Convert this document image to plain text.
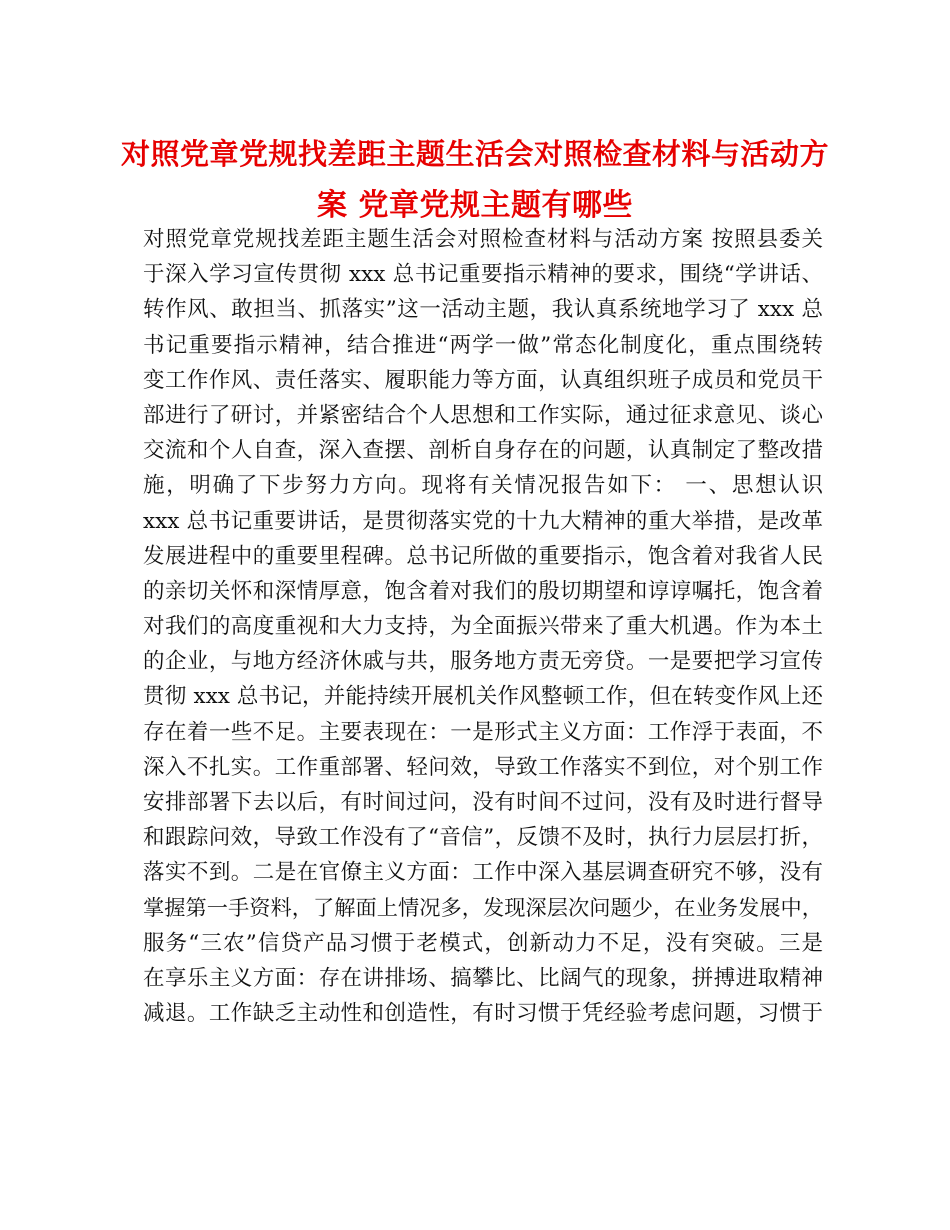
对照党章党规找差距主题生活会对照检查材料与活动方
案 党章党规主题有哪些
对照党章党规找差距主题生活会对照检查材料与活动方案 按照县委关
于深入学习宣传贯彻 xxx 总书记重要指示精神的要求，围绕“学讲话、
转作风、敢担当、抓落实”这一活动主题，我认真系统地学习了 xxx 总
书记重要指示精神，结合推进“两学一做”常态化制度化，重点围绕转
变工作作风、责任落实、履职能力等方面，认真组织班子成员和党员干
部进行了研讨，并紧密结合个人思想和工作实际，通过征求意见、谈心
交流和个人自查，深入查摆、剖析自身存在的问题，认真制定了整改措
施，明确了下步努力方向。现将有关情况报告如下： 一、思想认识
xxx 总书记重要讲话，是贯彻落实党的十九大精神的重大举措，是改革
发展进程中的重要里程碑。总书记所做的重要指示，饱含着对我省人民
的亲切关怀和深情厚意，饱含着对我们的殷切期望和谆谆嘱托，饱含着
对我们的高度重视和大力支持，为全面振兴带来了重大机遇。作为本土
的企业，与地方经济休戚与共，服务地方责无旁贷。一是要把学习宣传
贯彻 xxx 总书记，并能持续开展机关作风整顿工作，但在转变作风上还
存在着一些不足。主要表现在：一是形式主义方面：工作浮于表面，不
深入不扎实。工作重部署、轻问效，导致工作落实不到位，对个别工作
安排部署下去以后，有时间过问，没有时间不过问，没有及时进行督导
和跟踪问效，导致工作没有了“音信”，反馈不及时，执行力层层打折，
落实不到。二是在官僚主义方面：工作中深入基层调查研究不够，没有
掌握第一手资料，了解面上情况多，发现深层次问题少，在业务发展中，
服务“三农”信贷产品习惯于老模式，创新动力不足，没有突破。三是
在享乐主义方面：存在讲排场、搞攀比、比阔气的现象，拼搏进取精神
减退。工作缺乏主动性和创造性，有时习惯于凭经验考虑问题，习惯于
